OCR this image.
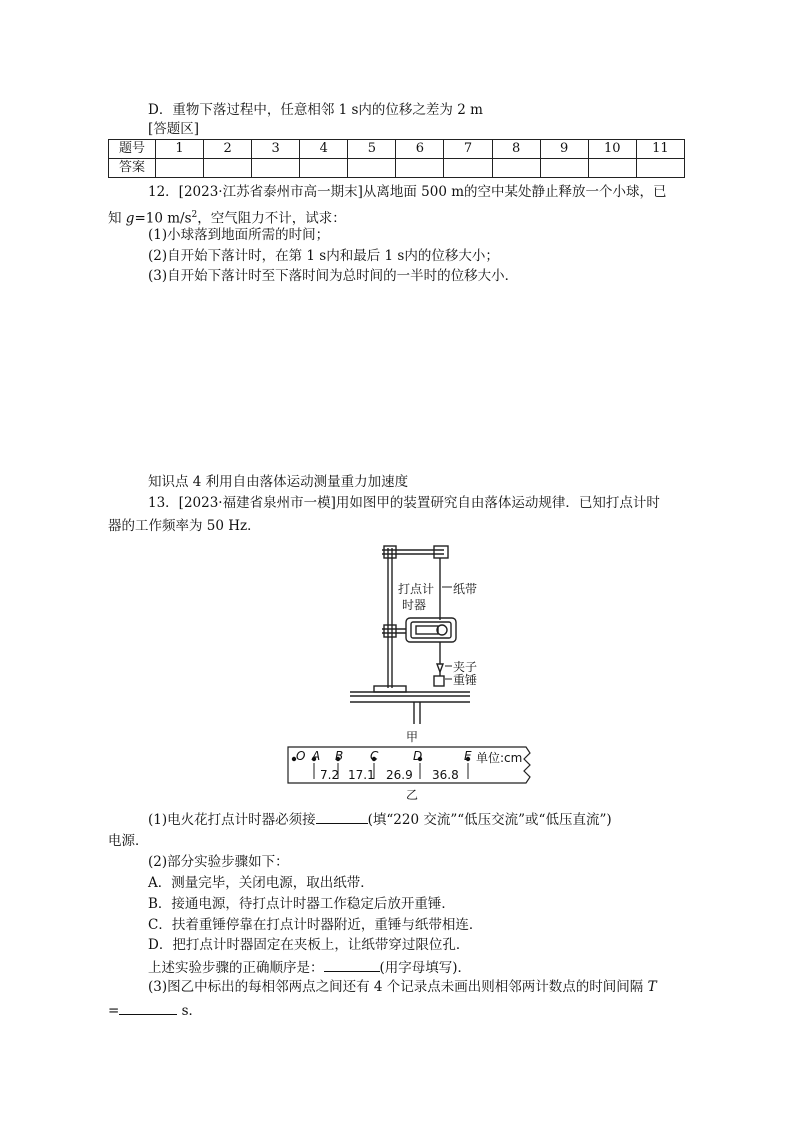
D．重物下落过程中，任意相邻 1 s内的位移之差为 2 m
[答题区]
题号	1	2	3	4	5	6	7	8	9	10	11
答案											
12．[2023·江苏省泰州市高一期末]从离地面 500 m的空中某处静止释放一个小球，已
知 g=10 $m/s^2$，空气阻力不计，试求：
(1)小球落到地面所需的时间；
(2)自开始下落计时，在第 1 s内和最后 1 s内的位移大小；
(3)自开始下落计时至下落时间为总时间的一半时的位移大小．
知识点 4 利用自由落体运动测量重力加速度
13．[2023·福建省泉州市一模]用如图甲的装置研究自由落体运动规律．已知打点计时
器的工作频率为 50 Hz．
打点计
时器
纸带
夹子
重锤
甲
O A B C	D	E 单位:cm
7.2 17.1 26.9 36.8
乙
(1)电火花打点计时器必须接	(填“220 交流”“低压交流”或“低压直流”)
电源．
(2)部分实验步骤如下：
A．测量完毕，关闭电源，取出纸带．
B．接通电源，待打点计时器工作稳定后放开重锤．
C．扶着重锤停靠在打点计时器附近，重锤与纸带相连．
D．把打点计时器固定在夹板上，让纸带穿过限位孔．
上述实验步骤的正确顺序是：	(用字母填写)．
(3)图乙中标出的每相邻两点之间还有 4 个记录点未画出则相邻两计数点的时间间隔 T
=	s．
